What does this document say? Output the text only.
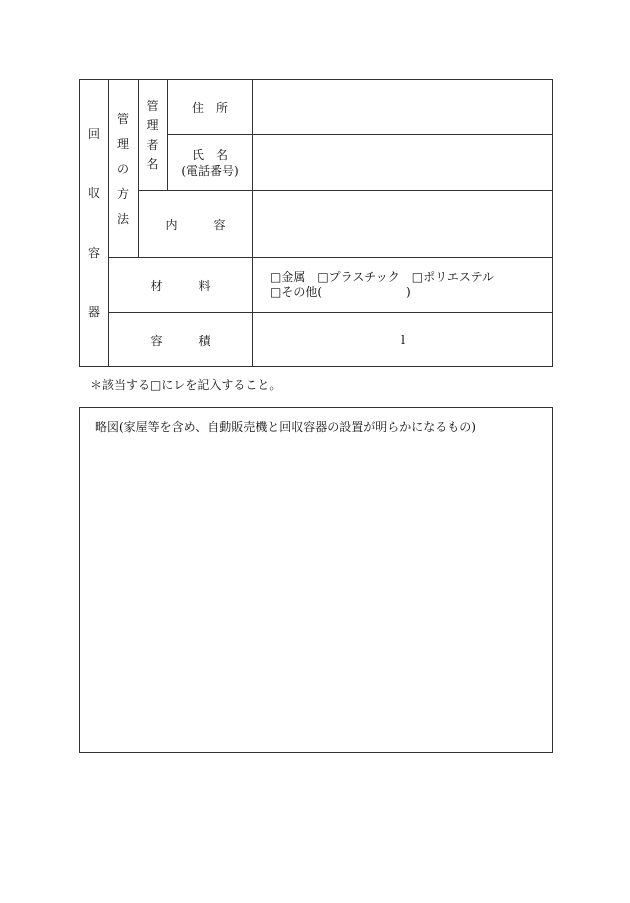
回
収
容
器
管
理
の
方
法
管
理
者
名
住　所
氏　名
(電話番号)
内　　　容
材　　　料
□金属 □プラスチック □ポリエステル
□その他(　　　　　　　)
容　　　積	l
＊該当する□にレを記入すること。
略図(家屋等を含め、自動販売機と回収容器の設置が明らかになるもの)
